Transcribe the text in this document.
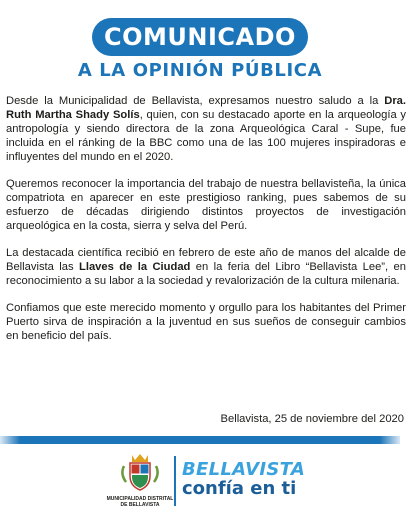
COMUNICADO
A LA OPINIÓN PÚBLICA

Desde la Municipalidad de Bellavista, expresamos nuestro saludo a la Dra. Ruth Martha Shady Solís, quien, con su destacado aporte en la arqueología y antropología y siendo directora de la zona Arqueológica Caral - Supe, fue incluida en el ránking de la BBC como una de las 100 mujeres inspiradoras e influyentes del mundo en el 2020.

Queremos reconocer la importancia del trabajo de nuestra bellavisteña, la única compatriota en aparecer en este prestigioso ranking, pues sabemos de su esfuerzo de décadas dirigiendo distintos proyectos de investigación arqueológica en la costa, sierra y selva del Perú.

La destacada científica recibió en febrero de este año de manos del alcalde de Bellavista las Llaves de la Ciudad en la feria del Libro “Bellavista Lee”, en reconocimiento a su labor a la sociedad y revalorización de la cultura milenaria.

Confiamos que este merecido momento y orgullo para los habitantes del Primer Puerto sirva de inspiración a la juventud en sus sueños de conseguir cambios en beneficio del país.

Bellavista, 25 de noviembre del 2020
MUNICIPALIDAD DISTRITAL
DE BELLAVISTA
BELLAVISTA
confía en ti
